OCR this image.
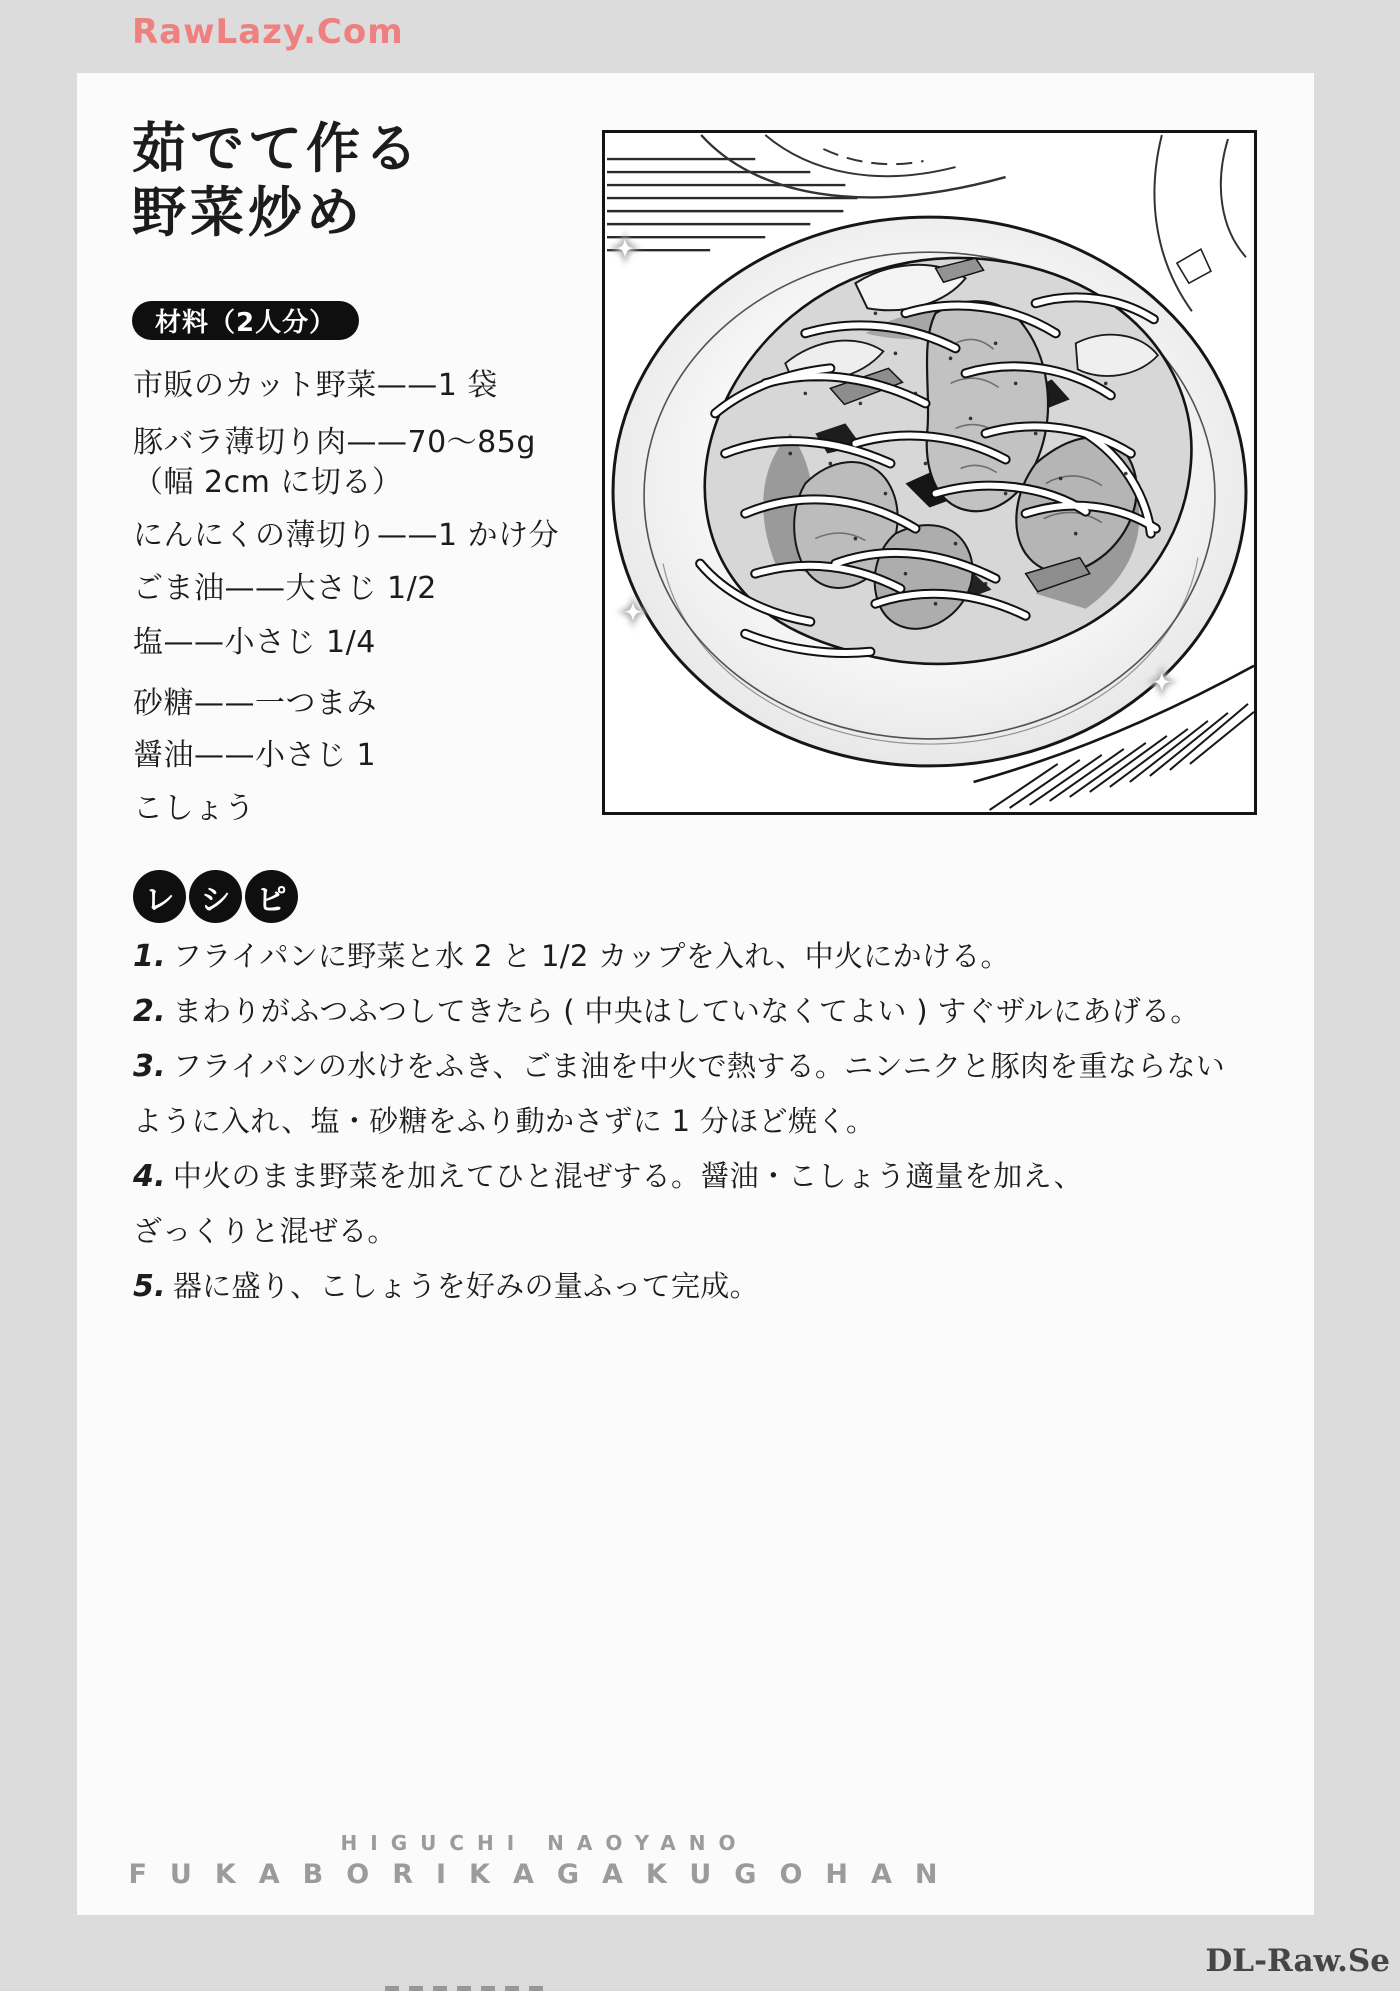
RawLazy.Com
茹でて作る
野菜炒め
材料（2人分）
市販のカット野菜——1 袋
豚バラ薄切り肉——70〜85g
（幅 2cm に切る）
にんにくの薄切り——1 かけ分
ごま油——大さじ 1/2
塩——小さじ 1/4
砂糖——一つまみ
醤油——小さじ 1
こしょう
レ シ ピ
1. フライパンに野菜と水 2 と 1/2 カップを入れ、中火にかける。
2. まわりがふつふつしてきたら ( 中央はしていなくてよい ) すぐザルにあげる。
3. フライパンの水けをふき、ごま油を中火で熱する。ニンニクと豚肉を重ならない
ように入れ、塩・砂糖をふり動かさずに 1 分ほど焼く。
4. 中火のまま野菜を加えてひと混ぜする。醤油・こしょう適量を加え、
ざっくりと混ぜる。
5. 器に盛り、こしょうを好みの量ふって完成。
HIGUCHI NAOYANO
FUKABORIKAGAKUGOHAN
DL-Raw.Se
